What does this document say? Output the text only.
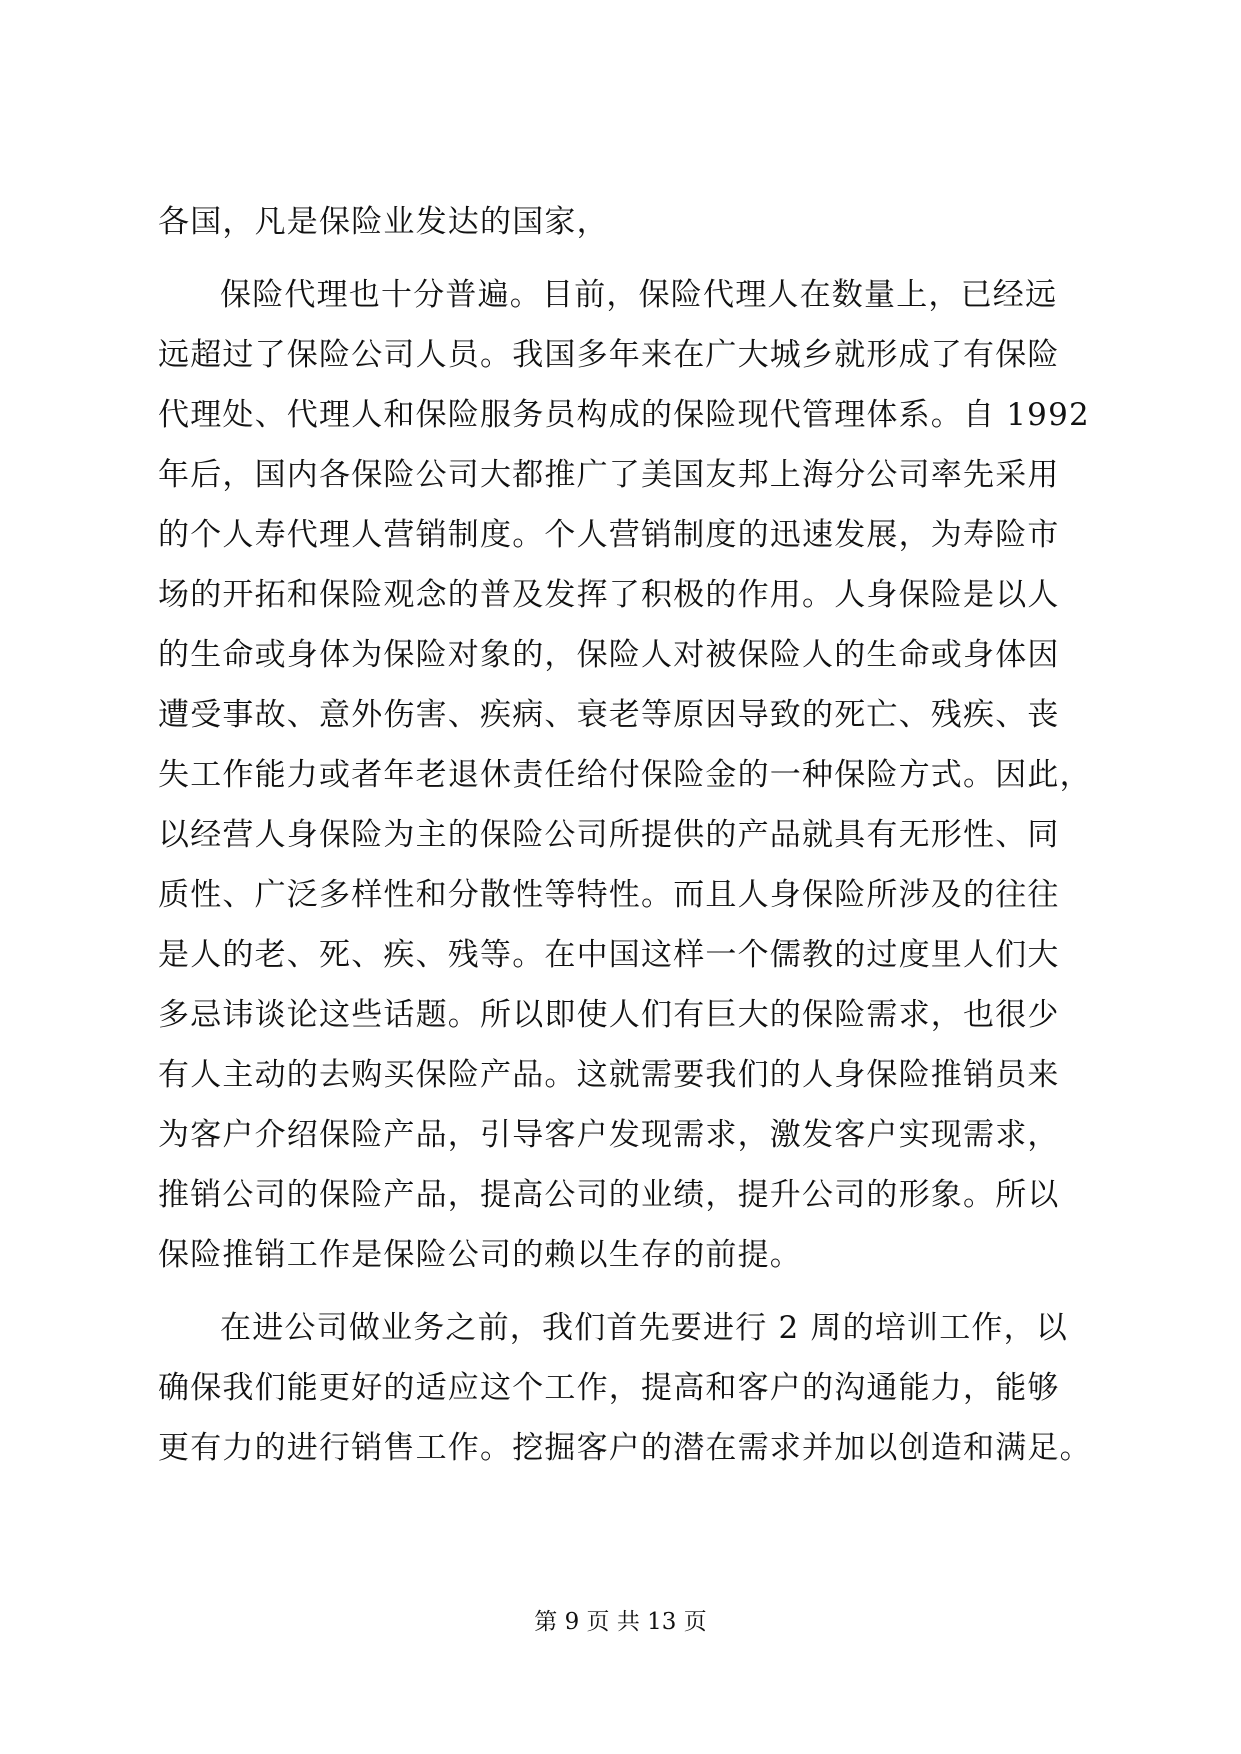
各国，凡是保险业发达的国家，
保险代理也十分普遍。目前，保险代理人在数量上，已经远
远超过了保险公司人员。我国多年来在广大城乡就形成了有保险
代理处、代理人和保险服务员构成的保险现代管理体系。自 1992
年后，国内各保险公司大都推广了美国友邦上海分公司率先采用
的个人寿代理人营销制度。个人营销制度的迅速发展，为寿险市
场的开拓和保险观念的普及发挥了积极的作用。人身保险是以人
的生命或身体为保险对象的，保险人对被保险人的生命或身体因
遭受事故、意外伤害、疾病、衰老等原因导致的死亡、残疾、丧
失工作能力或者年老退休责任给付保险金的一种保险方式。因此，
以经营人身保险为主的保险公司所提供的产品就具有无形性、同
质性、广泛多样性和分散性等特性。而且人身保险所涉及的往往
是人的老、死、疾、残等。在中国这样一个儒教的过度里人们大
多忌讳谈论这些话题。所以即使人们有巨大的保险需求，也很少
有人主动的去购买保险产品。这就需要我们的人身保险推销员来
为客户介绍保险产品，引导客户发现需求，激发客户实现需求，
推销公司的保险产品，提高公司的业绩，提升公司的形象。所以
保险推销工作是保险公司的赖以生存的前提。
在进公司做业务之前，我们首先要进行 2 周的培训工作，以
确保我们能更好的适应这个工作，提高和客户的沟通能力，能够
更有力的进行销售工作。挖掘客户的潜在需求并加以创造和满足。
第 9 页 共 13 页
